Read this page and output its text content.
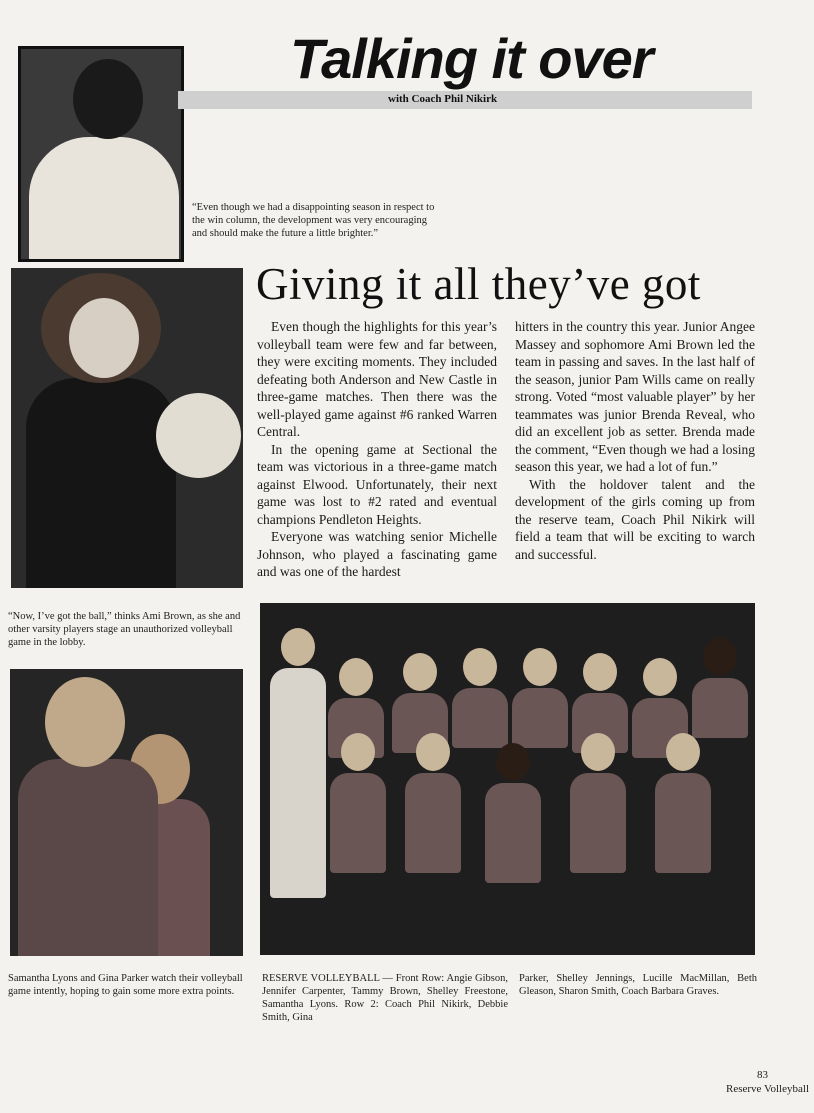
Talking it over
with Coach Phil Nikirk
“Even though we had a disappointing season in respect to the win column, the development was very encouraging and should make the future a little brighter.”
Giving it all they’ve got

Even though the highlights for this year’s volleyball team were few and far between, they were exciting moments. They included defeating both Anderson and New Castle in three-game matches. Then there was the well-played game against #6 ranked Warren Central.

In the opening game at Sectional the team was victorious in a three-game match against Elwood. Unfortunately, their next game was lost to #2 rated and eventual champions Pendleton Heights.

Everyone was watching senior Michelle Johnson, who played a fascinating game and was one of the hardest

hitters in the country this year. Junior Angee Massey and sophomore Ami Brown led the team in passing and saves. In the last half of the season, junior Pam Wills came on really strong. Voted “most valuable player” by her teammates was junior Brenda Reveal, who did an excellent job as setter. Brenda made the comment, “Even though we had a losing season this year, we had a lot of fun.”

With the holdover talent and the development of the girls coming up from the reserve team, Coach Phil Nikirk will field a team that will be exciting to warch and successful.

“Now, I’ve got the ball,” thinks Ami Brown, as she and other varsity players stage an unauthorized volleyball game in the lobby.
Samantha Lyons and Gina Parker watch their volleyball game intently, hoping to gain some more extra points.
RESERVE VOLLEYBALL — Front Row: Angie Gibson, Jennifer Carpenter, Tammy Brown, Shelley Freestone, Samantha Lyons. Row 2: Coach Phil Nikirk, Debbie Smith, Gina
Parker, Shelley Jennings, Lucille MacMillan, Beth Gleason, Sharon Smith, Coach Barbara Graves.
83
Reserve Volleyball
